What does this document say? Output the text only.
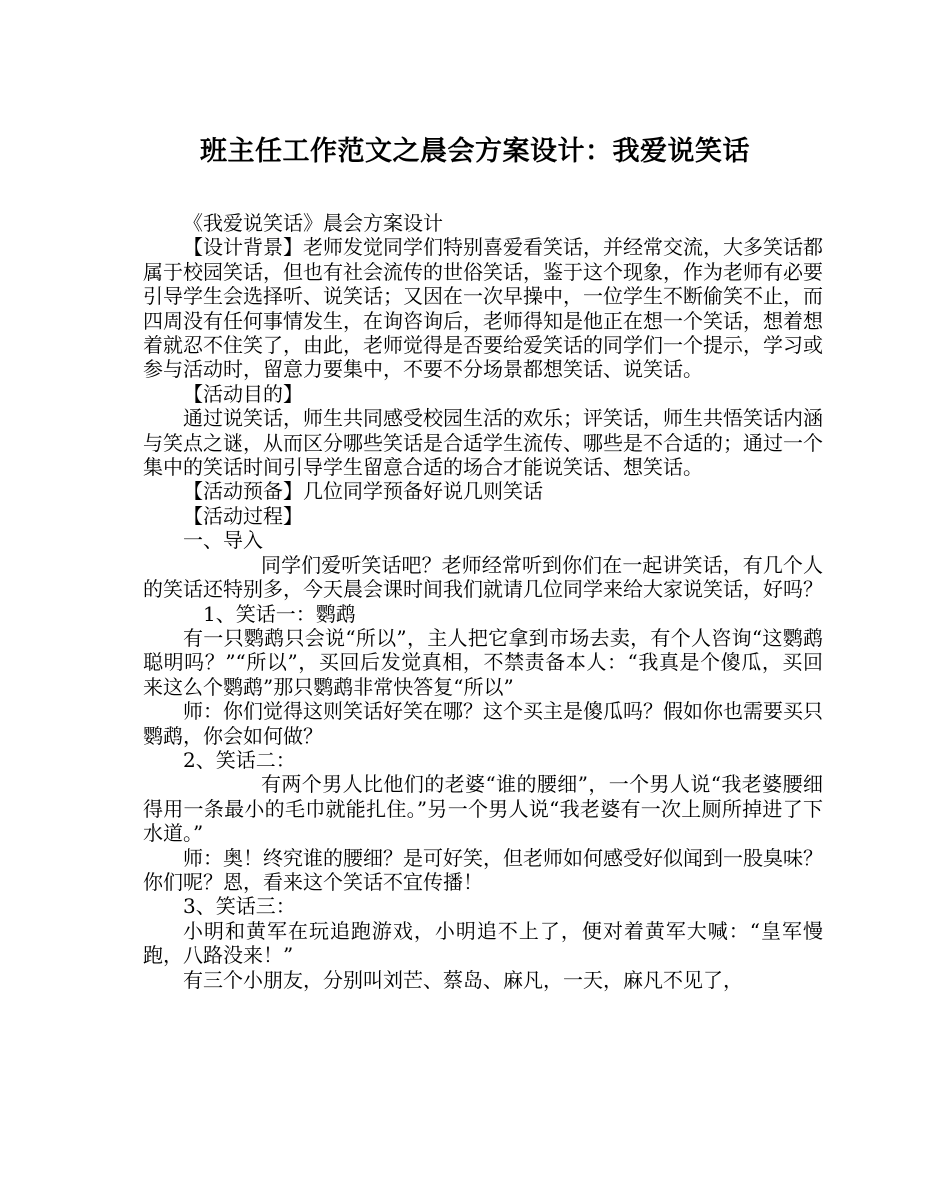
班主任工作范文之晨会方案设计：我爱说笑话

《我爱说笑话》晨会方案设计

【设计背景】老师发觉同学们特别喜爱看笑话，并经常交流，大多笑话都属于校园笑话，但也有社会流传的世俗笑话，鉴于这个现象，作为老师有必要引导学生会选择听、说笑话；又因在一次早操中，一位学生不断偷笑不止，而四周没有任何事情发生，在询咨询后，老师得知是他正在想一个笑话，想着想着就忍不住笑了，由此，老师觉得是否要给爱笑话的同学们一个提示，学习或参与活动时，留意力要集中，不要不分场景都想笑话、说笑话。

【活动目的】

通过说笑话，师生共同感受校园生活的欢乐；评笑话，师生共悟笑话内涵与笑点之谜，从而区分哪些笑话是合适学生流传、哪些是不合适的；通过一个集中的笑话时间引导学生留意合适的场合才能说笑话、想笑话。

【活动预备】几位同学预备好说几则笑话

【活动过程】

一、导入

同学们爱听笑话吧？老师经常听到你们在一起讲笑话，有几个人的笑话还特别多，今天晨会课时间我们就请几位同学来给大家说笑话，好吗？

1、笑话一：鹦鹉

有一只鹦鹉只会说“所以”，主人把它拿到市场去卖，有个人咨询“这鹦鹉聪明吗？”“所以”，买回后发觉真相，不禁责备本人：“我真是个傻瓜，买回来这么个鹦鹉”那只鹦鹉非常快答复“所以”

师：你们觉得这则笑话好笑在哪？这个买主是傻瓜吗？假如你也需要买只鹦鹉，你会如何做？

2、笑话二：

有两个男人比他们的老婆“谁的腰细”，一个男人说“我老婆腰细得用一条最小的毛巾就能扎住。”另一个男人说“我老婆有一次上厕所掉进了下水道。”

师：奥！终究谁的腰细？是可好笑，但老师如何感受好似闻到一股臭味？你们呢？恩，看来这个笑话不宜传播！

3、笑话三：

小明和黄军在玩追跑游戏，小明追不上了，便对着黄军大喊：“皇军慢跑，八路没来！”

有三个小朋友，分别叫刘芒、蔡岛、麻凡，一天，麻凡不见了，
